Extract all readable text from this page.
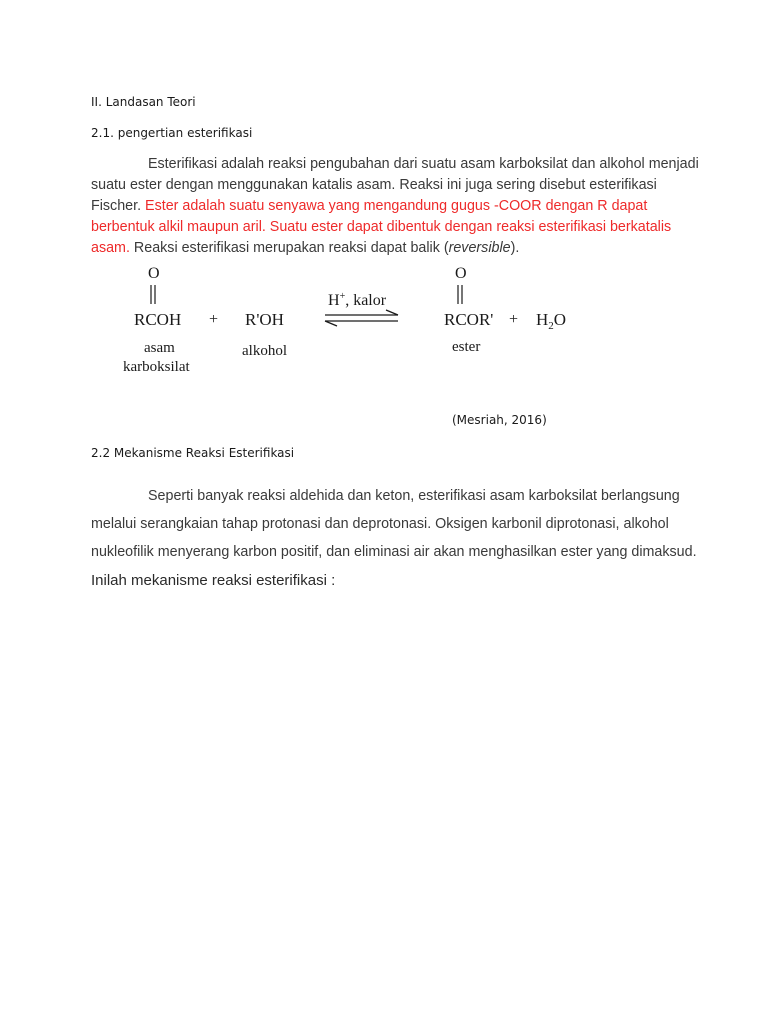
II. Landasan Teori
2.1. pengertian esterifikasi
Esterifikasi adalah reaksi pengubahan dari suatu asam karboksilat dan alkohol menjadi
suatu ester dengan menggunakan katalis asam. Reaksi ini juga sering disebut esterifikasi
Fischer. Ester adalah suatu senyawa yang mengandung gugus -COOR dengan R dapat
berbentuk alkil maupun aril. Suatu ester dapat dibentuk dengan reaksi esterifikasi berkatalis
asam. Reaksi esterifikasi merupakan reaksi dapat balik (reversible).
O
RCOH
asam
karboksilat
+ R'OH
alkohol
H+, kalor
O
RCOR'
ester
+ $H_2O$
(Mesriah, 2016)
2.2 Mekanisme Reaksi Esterifikasi
Seperti banyak reaksi aldehida dan keton, esterifikasi asam karboksilat berlangsung
melalui serangkaian tahap protonasi dan deprotonasi. Oksigen karbonil diprotonasi, alkohol
nukleofilik menyerang karbon positif, dan eliminasi air akan menghasilkan ester yang dimaksud.
Inilah mekanisme reaksi esterifikasi :
